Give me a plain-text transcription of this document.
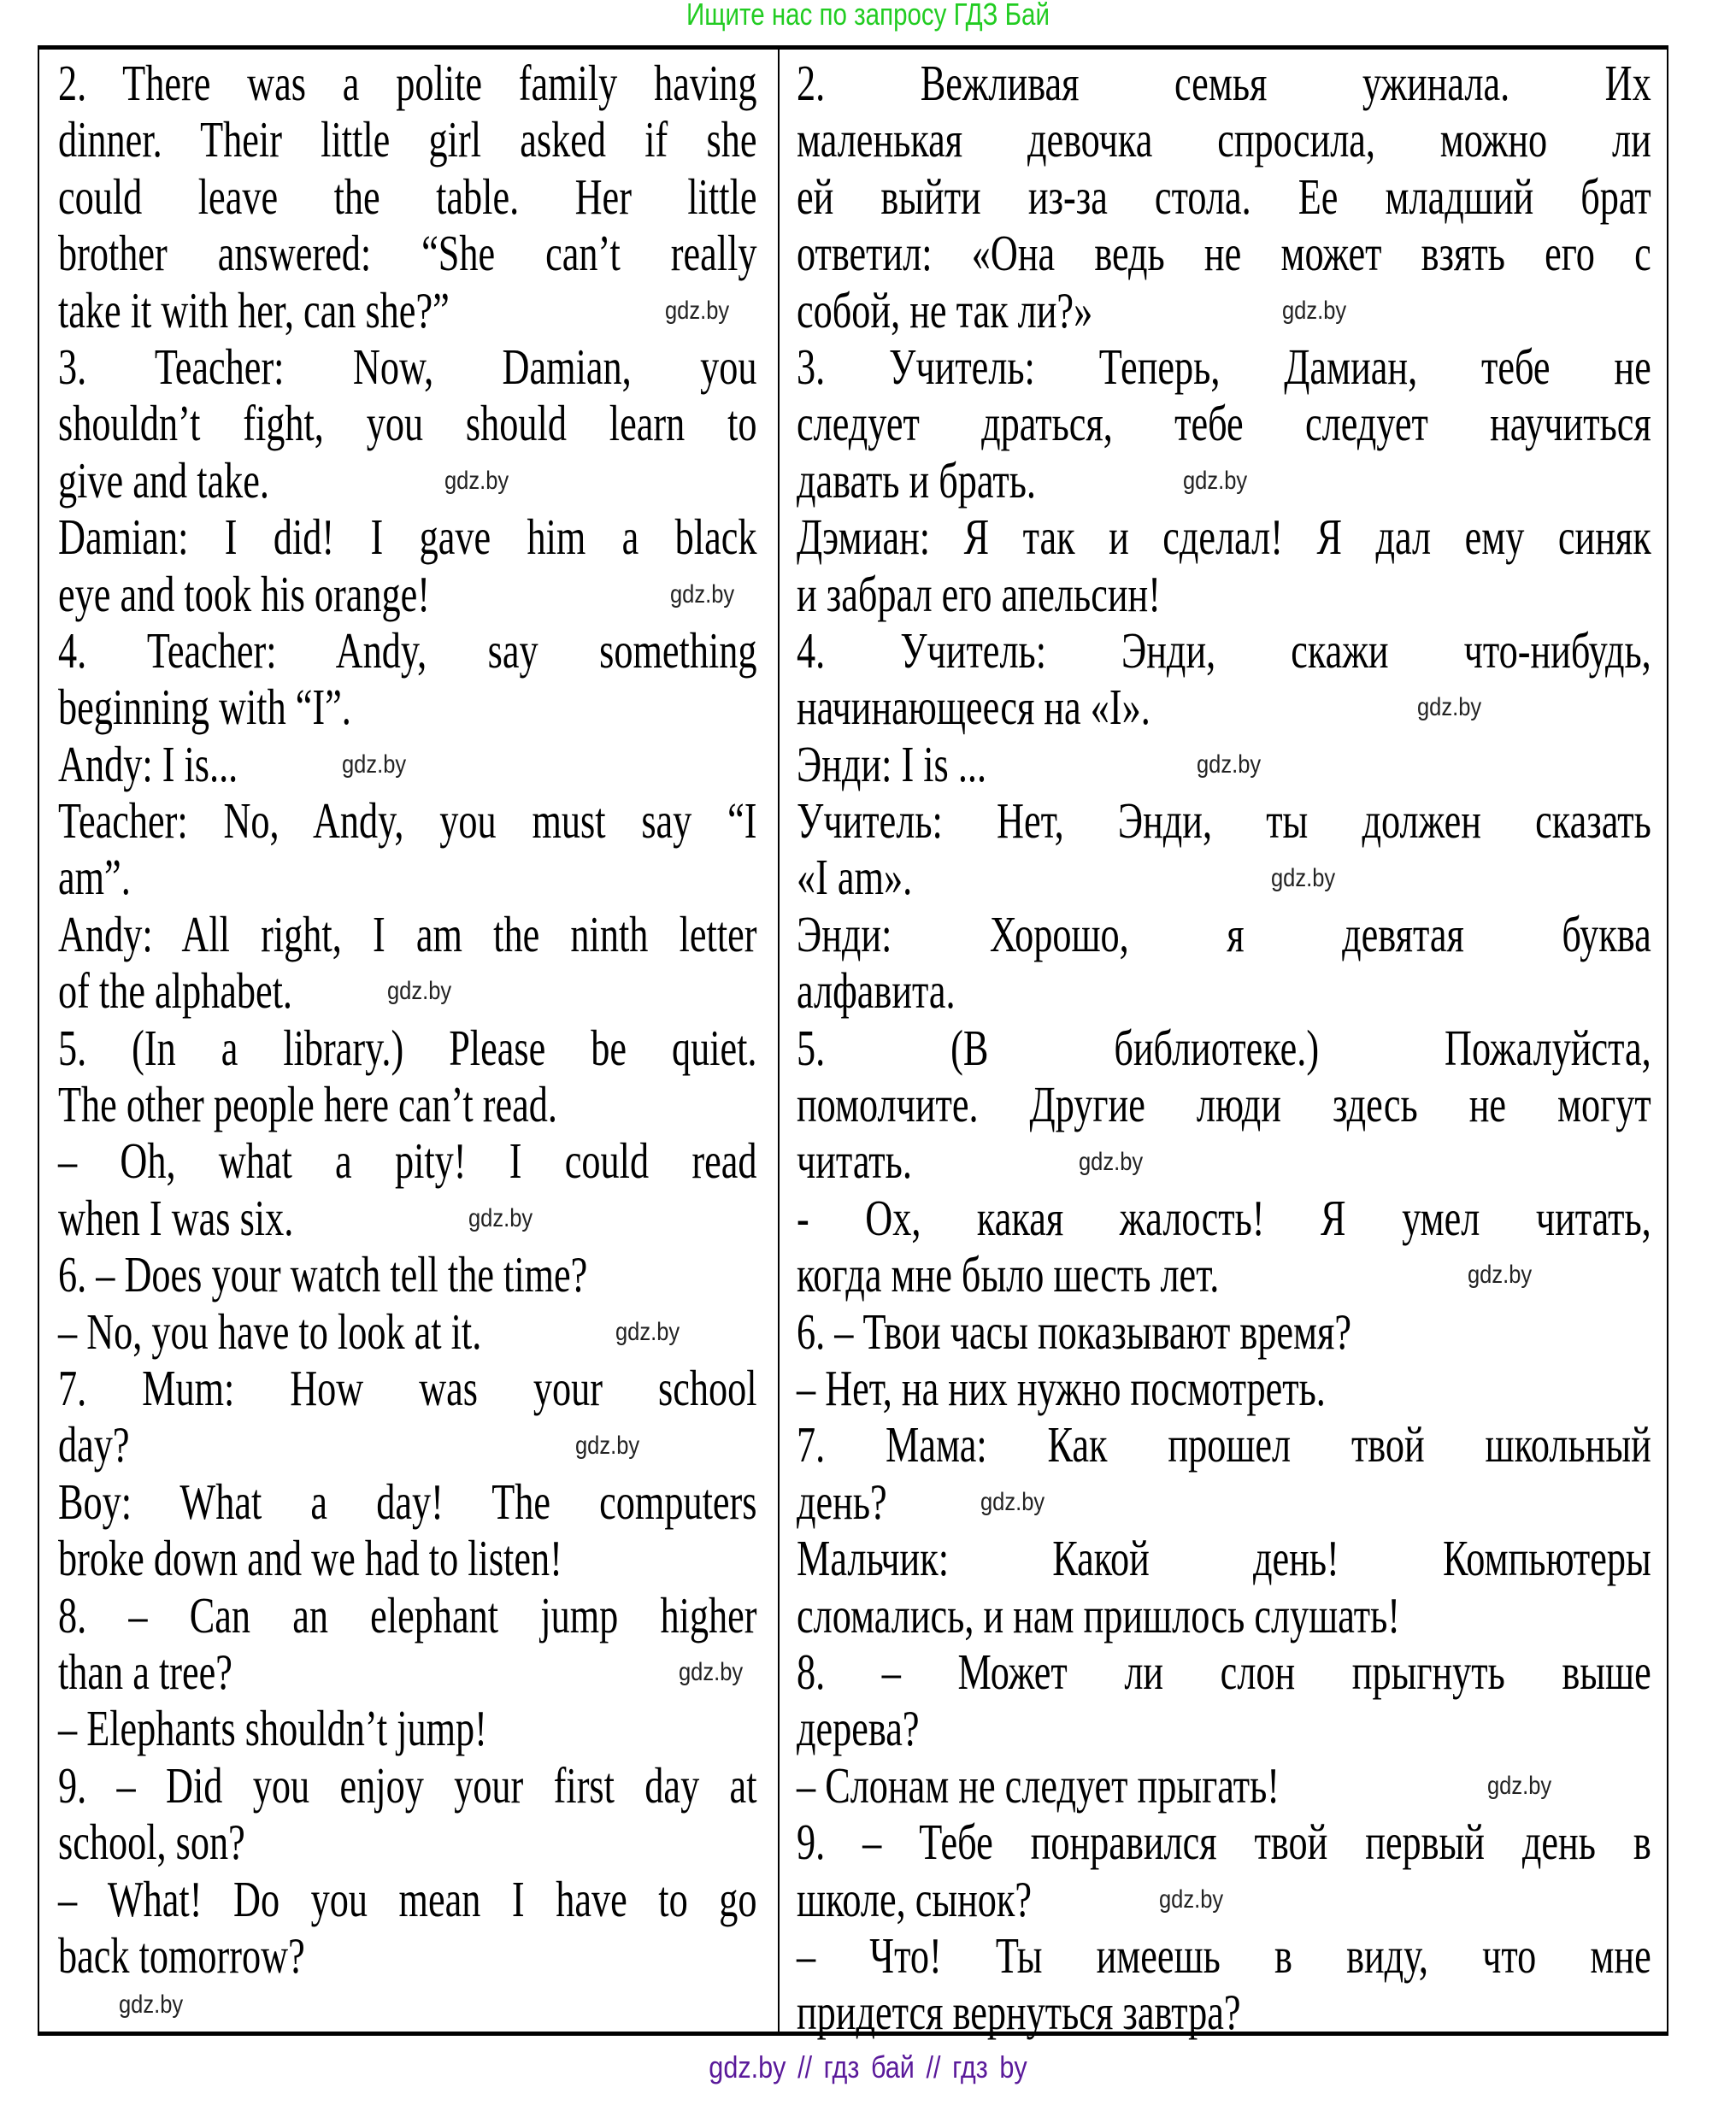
Ищите нас по запросу ГДЗ Бай
2. There was a polite family having
dinner. Their little girl asked if she
could leave the table. Her little
brother answered: “She can’t really
take it with her, can she?”
3. Teacher: Now, Damian, you
shouldn’t fight, you should learn to
give and take.
Damian: I did! I gave him a black
eye and took his orange!
4. Teacher: Andy, say something
beginning with “I”.
Andy: I is...
Teacher: No, Andy, you must say “I
am”.
Andy: All right, I am the ninth letter
of the alphabet.
5. (In a library.) Please be quiet.
The other people here can’t read.
– Oh, what a pity! I could read
when I was six.
6. – Does your watch tell the time?
– No, you have to look at it.
7. Mum: How was your school
day?
Boy: What a day! The computers
broke down and we had to listen!
8. – Can an elephant jump higher
than a tree?
– Elephants shouldn’t jump!
9. – Did you enjoy your first day at
school, son?
– What! Do you mean I have to go
back tomorrow?
2. Вежливая семья ужинала. Их
маленькая девочка спросила, можно ли
ей выйти из-за стола. Ее младший брат
ответил: «Она ведь не может взять его с
собой, не так ли?»
3. Учитель: Теперь, Дамиан, тебе не
следует драться, тебе следует научиться
давать и брать.
Дэмиан: Я так и сделал! Я дал ему синяк
и забрал его апельсин!
4. Учитель: Энди, скажи что-нибудь,
начинающееся на «I».
Энди: I is ...
Учитель: Нет, Энди, ты должен сказать
«I am».
Энди: Хорошо, я девятая буква
алфавита.
5. (В библиотеке.) Пожалуйста,
помолчите. Другие люди здесь не могут
читать.
- Ох, какая жалость! Я умел читать,
когда мне было шесть лет.
6. – Твои часы показывают время?
– Нет, на них нужно посмотреть.
7. Мама: Как прошел твой школьный
день?
Мальчик: Какой день! Компьютеры
сломались, и нам пришлось слушать!
8. – Может ли слон прыгнуть выше
дерева?
– Слонам не следует прыгать!
9. – Тебе понравился твой первый день в
школе, сынок?
– Что! Ты имеешь в виду, что мне
придется вернуться завтра?
gdz.by
gdz.by
gdz.by
gdz.by
gdz.by
gdz.by
gdz.by
gdz.by
gdz.by
gdz.by
gdz.by
gdz.by
gdz.by
gdz.by
gdz.by
gdz.by
gdz.by
gdz.by
gdz.by
gdz.by
gdz.by // гдз бай // гдз by
